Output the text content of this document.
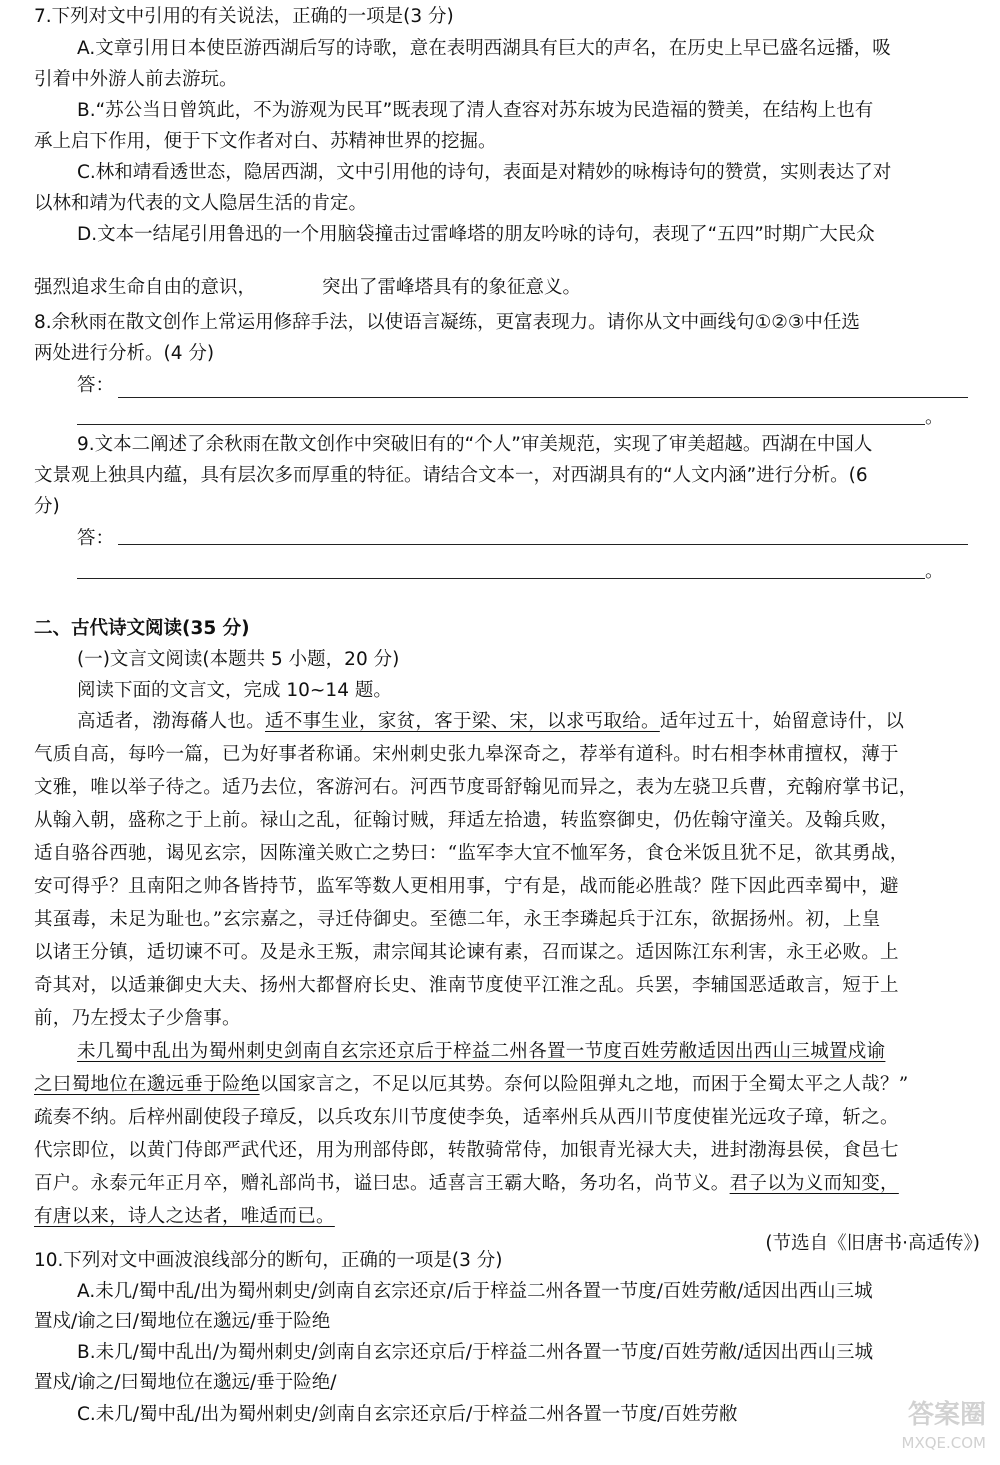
7.下列对文中引用的有关说法，正确的一项是(3 分)
A.文章引用日本使臣游西湖后写的诗歌，意在表明西湖具有巨大的声名，在历史上早已盛名远播，吸
引着中外游人前去游玩。
B.“苏公当日曾筑此，不为游观为民耳”既表现了清人查容对苏东坡为民造福的赞美，在结构上也有
承上启下作用，便于下文作者对白、苏精神世界的挖掘。
C.林和靖看透世态，隐居西湖，文中引用他的诗句，表面是对精妙的咏梅诗句的赞赏，实则表达了对
以林和靖为代表的文人隐居生活的肯定。
D.文本一结尾引用鲁迅的一个用脑袋撞击过雷峰塔的朋友吟咏的诗句，表现了“五四”时期广大民众
强烈追求生命自由的意识，	突出了雷峰塔具有的象征意义。
8.余秋雨在散文创作上常运用修辞手法，以使语言凝练，更富表现力。请你从文中画线句①②③中任选
两处进行分析。(4 分)
答：
。
9.文本二阐述了余秋雨在散文创作中突破旧有的“个人”审美规范，实现了审美超越。西湖在中国人
文景观上独具内蕴，具有层次多而厚重的特征。请结合文本一，对西湖具有的“人文内涵”进行分析。(6
分)
答：
。
二、古代诗文阅读(35 分)
(一)文言文阅读(本题共 5 小题，20 分)
阅读下面的文言文，完成 10~14 题。
高适者，渤海蓨人也。适不事生业，家贫，客于梁、宋，以求丐取给。适年过五十，始留意诗什，以
气质自高，每吟一篇，已为好事者称诵。宋州刺史张九皋深奇之，荐举有道科。时右相李林甫擅权，薄于
文雅，唯以举子待之。适乃去位，客游河右。河西节度哥舒翰见而异之，表为左骁卫兵曹，充翰府掌书记，
从翰入朝，盛称之于上前。禄山之乱，征翰讨贼，拜适左拾遗，转监察御史，仍佐翰守潼关。及翰兵败，
适自骆谷西驰，谒见玄宗，因陈潼关败亡之势曰：“监军李大宜不恤军务，食仓米饭且犹不足，欲其勇战，
安可得乎？且南阳之帅各皆持节，监军等数人更相用事，宁有是，战而能必胜哉？陛下因此西幸蜀中，避
其虿毒，未足为耻也。”玄宗嘉之，寻迁侍御史。至德二年，永王李璘起兵于江东，欲据扬州。初，上皇
以诸王分镇，适切谏不可。及是永王叛，肃宗闻其论谏有素，召而谋之。适因陈江东利害，永王必败。上
奇其对，以适兼御史大夫、扬州大都督府长史、淮南节度使平江淮之乱。兵罢，李辅国恶适敢言，短于上
前，乃左授太子少詹事。
未几蜀中乱出为蜀州刺史剑南自玄宗还京后于梓益二州各置一节度百姓劳敝适因出西山三城置戍谕
之曰蜀地位在邈远垂于险绝以国家言之，不足以厄其势。奈何以险阻弹丸之地，而困于全蜀太平之人哉？”
疏奏不纳。后梓州副使段子璋反，以兵攻东川节度使李奂，适率州兵从西川节度使崔光远攻子璋，斩之。
代宗即位，以黄门侍郎严武代还，用为刑部侍郎，转散骑常侍，加银青光禄大夫，进封渤海县侯，食邑七
百户。永泰元年正月卒，赠礼部尚书，谥曰忠。适喜言王霸大略，务功名，尚节义。君子以为义而知变，
有唐以来，诗人之达者，唯适而已。
(节选自《旧唐书·高适传》)
10.下列对文中画波浪线部分的断句，正确的一项是(3 分)
A.未几/蜀中乱/出为蜀州刺史/剑南自玄宗还京/后于梓益二州各置一节度/百姓劳敝/适因出西山三城
置戍/谕之曰/蜀地位在邈远/垂于险绝
B.未几/蜀中乱出/为蜀州刺史/剑南自玄宗还京后/于梓益二州各置一节度/百姓劳敝/适因出西山三城
置戍/谕之/曰蜀地位在邈远/垂于险绝/
C.未几/蜀中乱/出为蜀州刺史/剑南自玄宗还京后/于梓益二州各置一节度/百姓劳敝	答案圈
MXQE.COM
